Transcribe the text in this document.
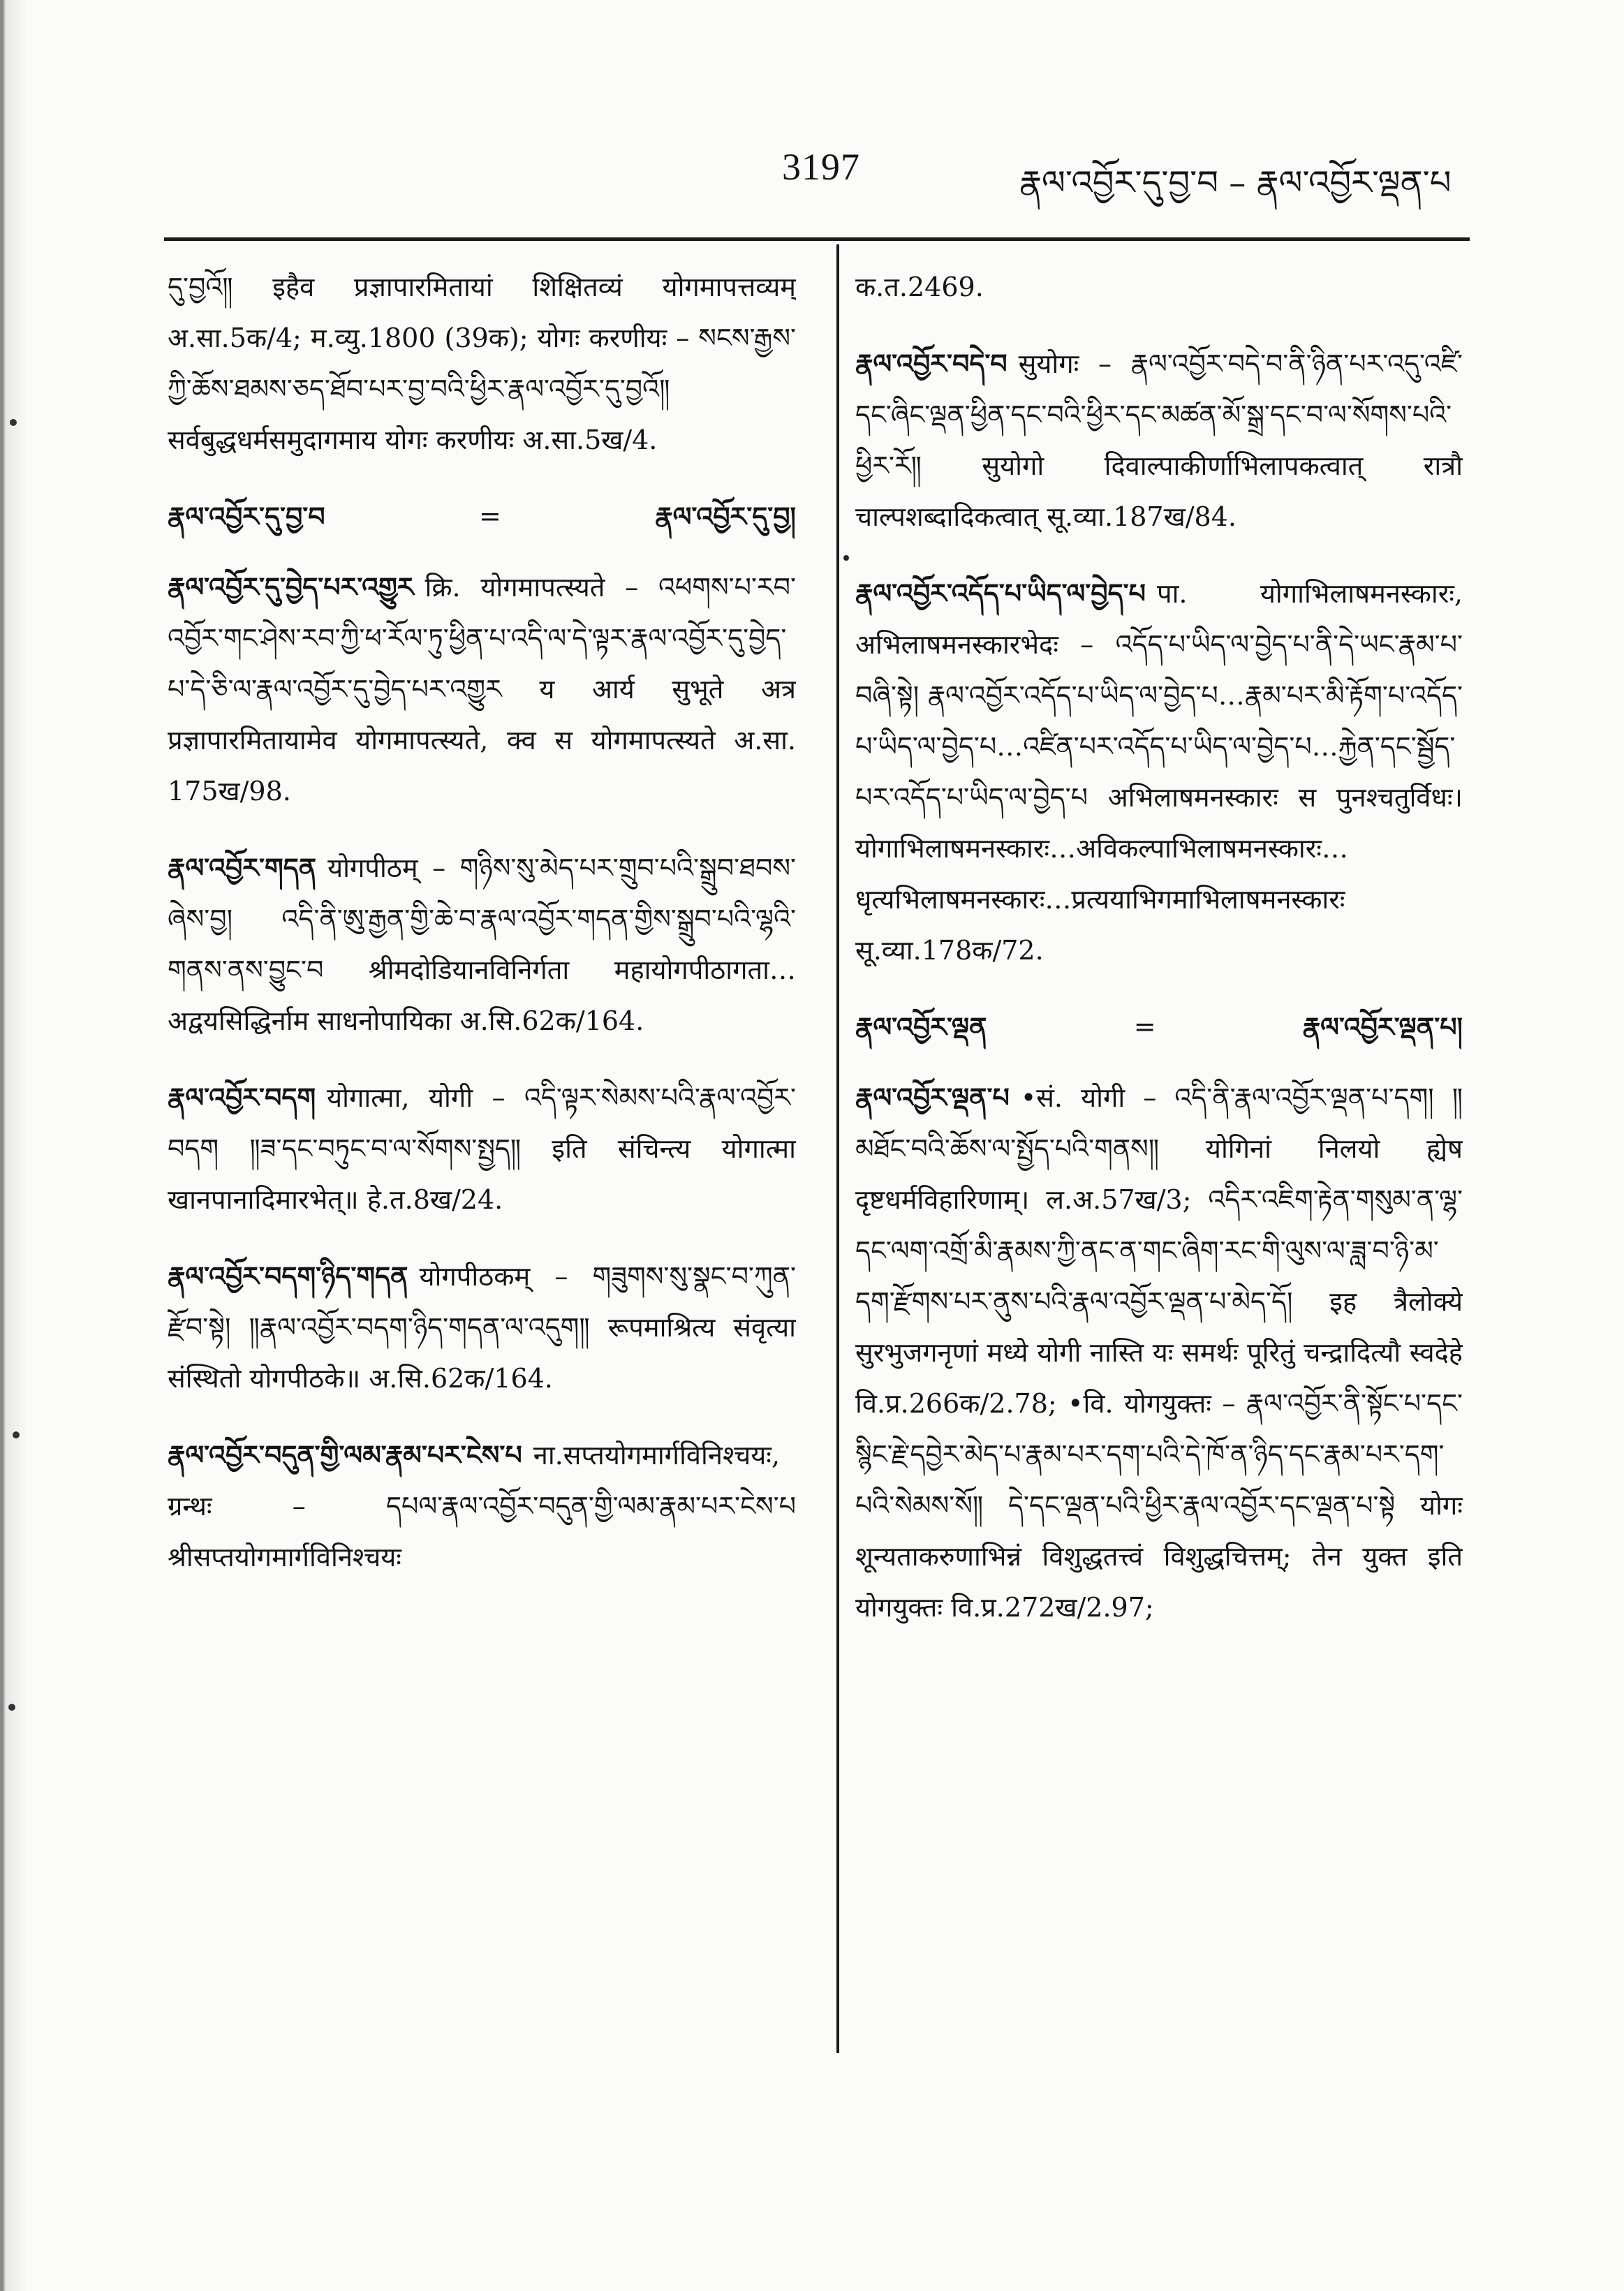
3197	རྣལ་འབྱོར་དུ་བྱ་བ – རྣལ་འབྱོར་ལྡན་པ

དུ་བྱའོ༎ इहैव प्रज्ञापारमितायां शिक्षितव्यं योगमापत्तव्यम् अ.सा.5क/4; म.व्यु.1800 (39क); योगः करणीयः – སངས་རྒྱས་ཀྱི་ཆོས་ཐམས་ཅད་ཐོབ་པར་བྱ་བའི་ཕྱིར་རྣལ་འབྱོར་དུ་བྱའོ༎ सर्वबुद्धधर्मसमुदागमाय योगः करणीयः अ.सा.5ख/4.

རྣལ་འབྱོར་དུ་བྱ་བ	=	རྣལ་འབྱོར་དུ་བྱ།

རྣལ་འབྱོར་དུ་བྱེད་པར་འགྱུར क्रि. योगमापत्स्यते – འཕགས་པ་རབ་འབྱོར་གང་ཤེས་རབ་ཀྱི་ཕ་རོལ་ཏུ་ཕྱིན་པ་འདི་ལ་དེ་ལྟར་རྣལ་འབྱོར་དུ་བྱེད་པ་དེ་ཅི་ལ་རྣལ་འབྱོར་དུ་བྱེད་པར་འགྱུར य आर्य सुभूते अत्र प्रज्ञापारमितायामेव योगमापत्स्यते, क्व स योगमापत्स्यते अ.सा. 175ख/98.

རྣལ་འབྱོར་གདན योगपीठम् – གཉིས་སུ་མེད་པར་གྲུབ་པའི་སྒྲུབ་ཐབས་ཞེས་བྱ། འདི་ནི་ཨུ་རྒྱན་གྱི་ཆེ་བ་རྣལ་འབྱོར་གདན་གྱིས་སྒྲུབ་པའི་ལྷའི་གནས་ནས་བྱུང་བ श्रीमदोडियानविनिर्गता महायोगपीठागता…अद्वयसिद्धिर्नाम साधनोपायिका अ.सि.62क/164.

རྣལ་འབྱོར་བདག योगात्मा, योगी – འདི་ལྟར་སེམས་པའི་རྣལ་འབྱོར་བདག ༎ཟ་དང་བཏུང་བ་ལ་སོགས་སྤྱད༎ इति संचिन्त्य योगात्मा खानपानादिमारभेत्॥ हे.त.8ख/24.

རྣལ་འབྱོར་བདག་ཉིད་གདན योगपीठकम् – གཟུགས་སུ་སྣང་བ་ཀུན་རྫོབ་སྟེ། ༎རྣལ་འབྱོར་བདག་ཉིད་གདན་ལ་འདུག༎ रूपमाश्रित्य संवृत्या संस्थितो योगपीठके॥ अ.सि.62क/164.

རྣལ་འབྱོར་བདུན་གྱི་ལམ་རྣམ་པར་ངེས་པ ना.सप्तयोगमार्गविनिश्चयः, ग्रन्थः – དཔལ་རྣལ་འབྱོར་བདུན་གྱི་ལམ་རྣམ་པར་ངེས་པ श्रीसप्तयोगमार्गविनिश्चयः

क.त.2469.

རྣལ་འབྱོར་བདེ་བ सुयोगः – རྣལ་འབྱོར་བདེ་བ་ནི་ཉིན་པར་འདུ་འཛི་དང་ཞིང་ལྡན་ཕྱིན་དང་བའི་ཕྱིར་དང་མཚན་མོ་སྒྲ་དང་བ་ལ་སོགས་པའི་ཕྱིར་རོ༎ सुयोगो दिवाल्पाकीर्णाभिलापकत्वात् रात्रौ चाल्पशब्दादिकत्वात् सू.व्या.187ख/84.

རྣལ་འབྱོར་འདོད་པ་ཡིད་ལ་བྱེད་པ पा. योगाभिलाषमनस्कारः, अभिलाषमनस्कारभेदः – འདོད་པ་ཡིད་ལ་བྱེད་པ་ནི་དེ་ཡང་རྣམ་པ་བཞི་སྟེ། རྣལ་འབྱོར་འདོད་པ་ཡིད་ལ་བྱེད་པ…རྣམ་པར་མི་རྟོག་པ་འདོད་པ་ཡིད་ལ་བྱེད་པ…འཛིན་པར་འདོད་པ་ཡིད་ལ་བྱེད་པ…རྐྱེན་དང་སྦྱོད་པར་འདོད་པ་ཡིད་ལ་བྱེད་པ अभिलाषमनस्कारः स पुनश्चतुर्विधः। योगाभिलाषमनस्कारः…अविकल्पाभिलाषमनस्कारः…धृत्यभिलाषमनस्कारः…प्रत्ययाभिगमाभिलाषमनस्कारः सू.व्या.178क/72.

རྣལ་འབྱོར་ལྡན	=	རྣལ་འབྱོར་ལྡན་པ།

རྣལ་འབྱོར་ལྡན་པ •सं. योगी – འདི་ནི་རྣལ་འབྱོར་ལྡན་པ་དག། ༎མཐོང་བའི་ཆོས་ལ་སྤྱོད་པའི་གནས༎ योगिनां निलयो ह्येष दृष्टधर्मविहारिणाम्। ल.अ.57ख/3; འདིར་འཇིག་རྟེན་གསུམ་ན་ལྷ་དང་ལག་འགྲོ་མི་རྣམས་ཀྱི་ནང་ན་གང་ཞིག་རང་གི་ལུས་ལ་ཟླ་བ་ཉི་མ་དག་རྫོགས་པར་ནུས་པའི་རྣལ་འབྱོར་ལྡན་པ་མེད་དོ། इह त्रैलोक्ये सुरभुजगनृणां मध्ये योगी नास्ति यः समर्थः पूरितुं चन्द्रादित्यौ स्वदेहे वि.प्र.266क/2.78; •वि. योगयुक्तः – རྣལ་འབྱོར་ནི་སྟོང་པ་དང་སྙིང་རྗེ་དབྱེར་མེད་པ་རྣམ་པར་དག་པའི་དེ་ཁོ་ན་ཉིད་དང་རྣམ་པར་དག་པའི་སེམས་སོ༎ དེ་དང་ལྡན་པའི་ཕྱིར་རྣལ་འབྱོར་དང་ལྡན་པ་སྟེ योगः शून्यताकरुणाभिन्नं विशुद्धतत्त्वं विशुद्धचित्तम्; तेन युक्त इति योगयुक्तः वि.प्र.272ख/2.97;
